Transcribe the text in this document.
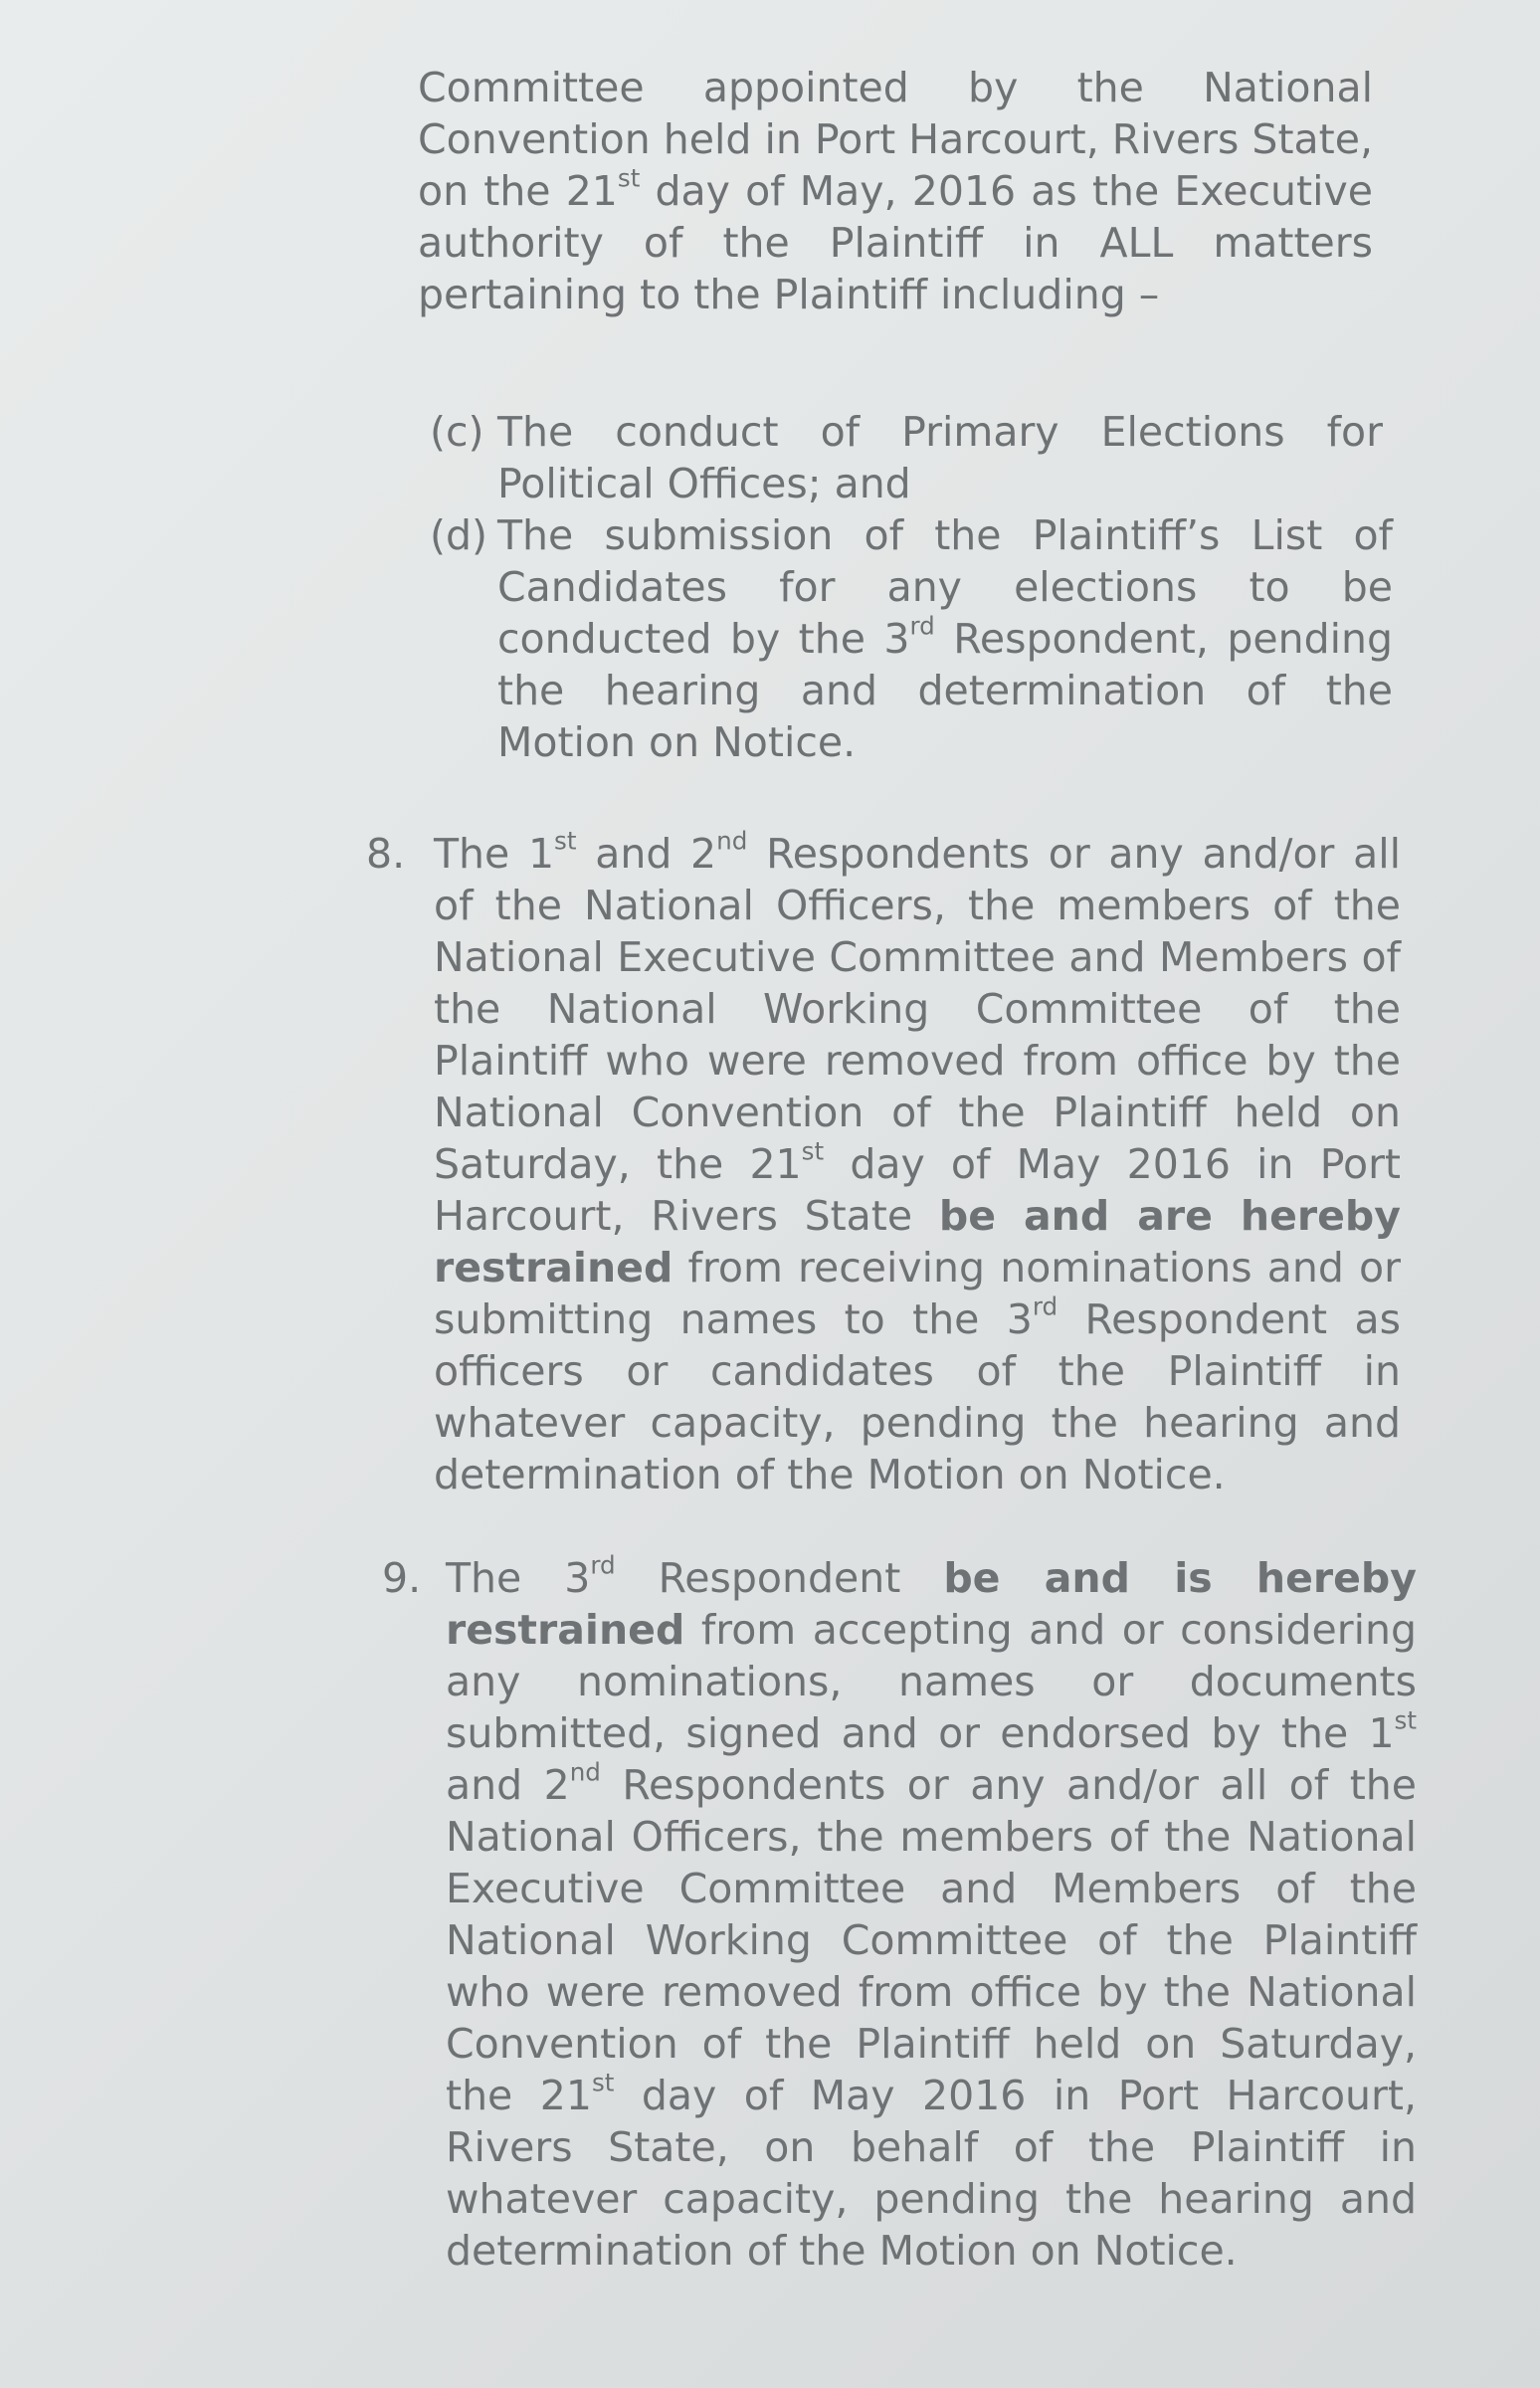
Committee appointed by the National Convention held in Port Harcourt, Rivers State, on the 21st day of May, 2016 as the Executive authority of the Plaintiff in ALL matters pertaining to the Plaintiff including –

(c) The conduct of Primary Elections for Political Offices; and
(d) The submission of the Plaintiff’s List of Candidates for any elections to be conducted by the 3rd Respondent, pending the hearing and determination of the Motion on Notice.
8. The 1st and 2nd Respondents or any and/or all of the National Officers, the members of the National Executive Committee and Members of the National Working Committee of the Plaintiff who were removed from office by the National Convention of the Plaintiff held on Saturday, the 21st day of May 2016 in Port Harcourt, Rivers State be and are hereby restrained from receiving nominations and or submitting names to the 3rd Respondent as officers or candidates of the Plaintiff in whatever capacity, pending the hearing and determination of the Motion on Notice.
9. The 3rd Respondent be and is hereby restrained from accepting and or considering any nominations, names or documents submitted, signed and or endorsed by the 1st and 2nd Respondents or any and/or all of the National Officers, the members of the National Executive Committee and Members of the National Working Committee of the Plaintiff who were removed from office by the National Convention of the Plaintiff held on Saturday, the 21st day of May 2016 in Port Harcourt, Rivers State, on behalf of the Plaintiff in whatever capacity, pending the hearing and determination of the Motion on Notice.
